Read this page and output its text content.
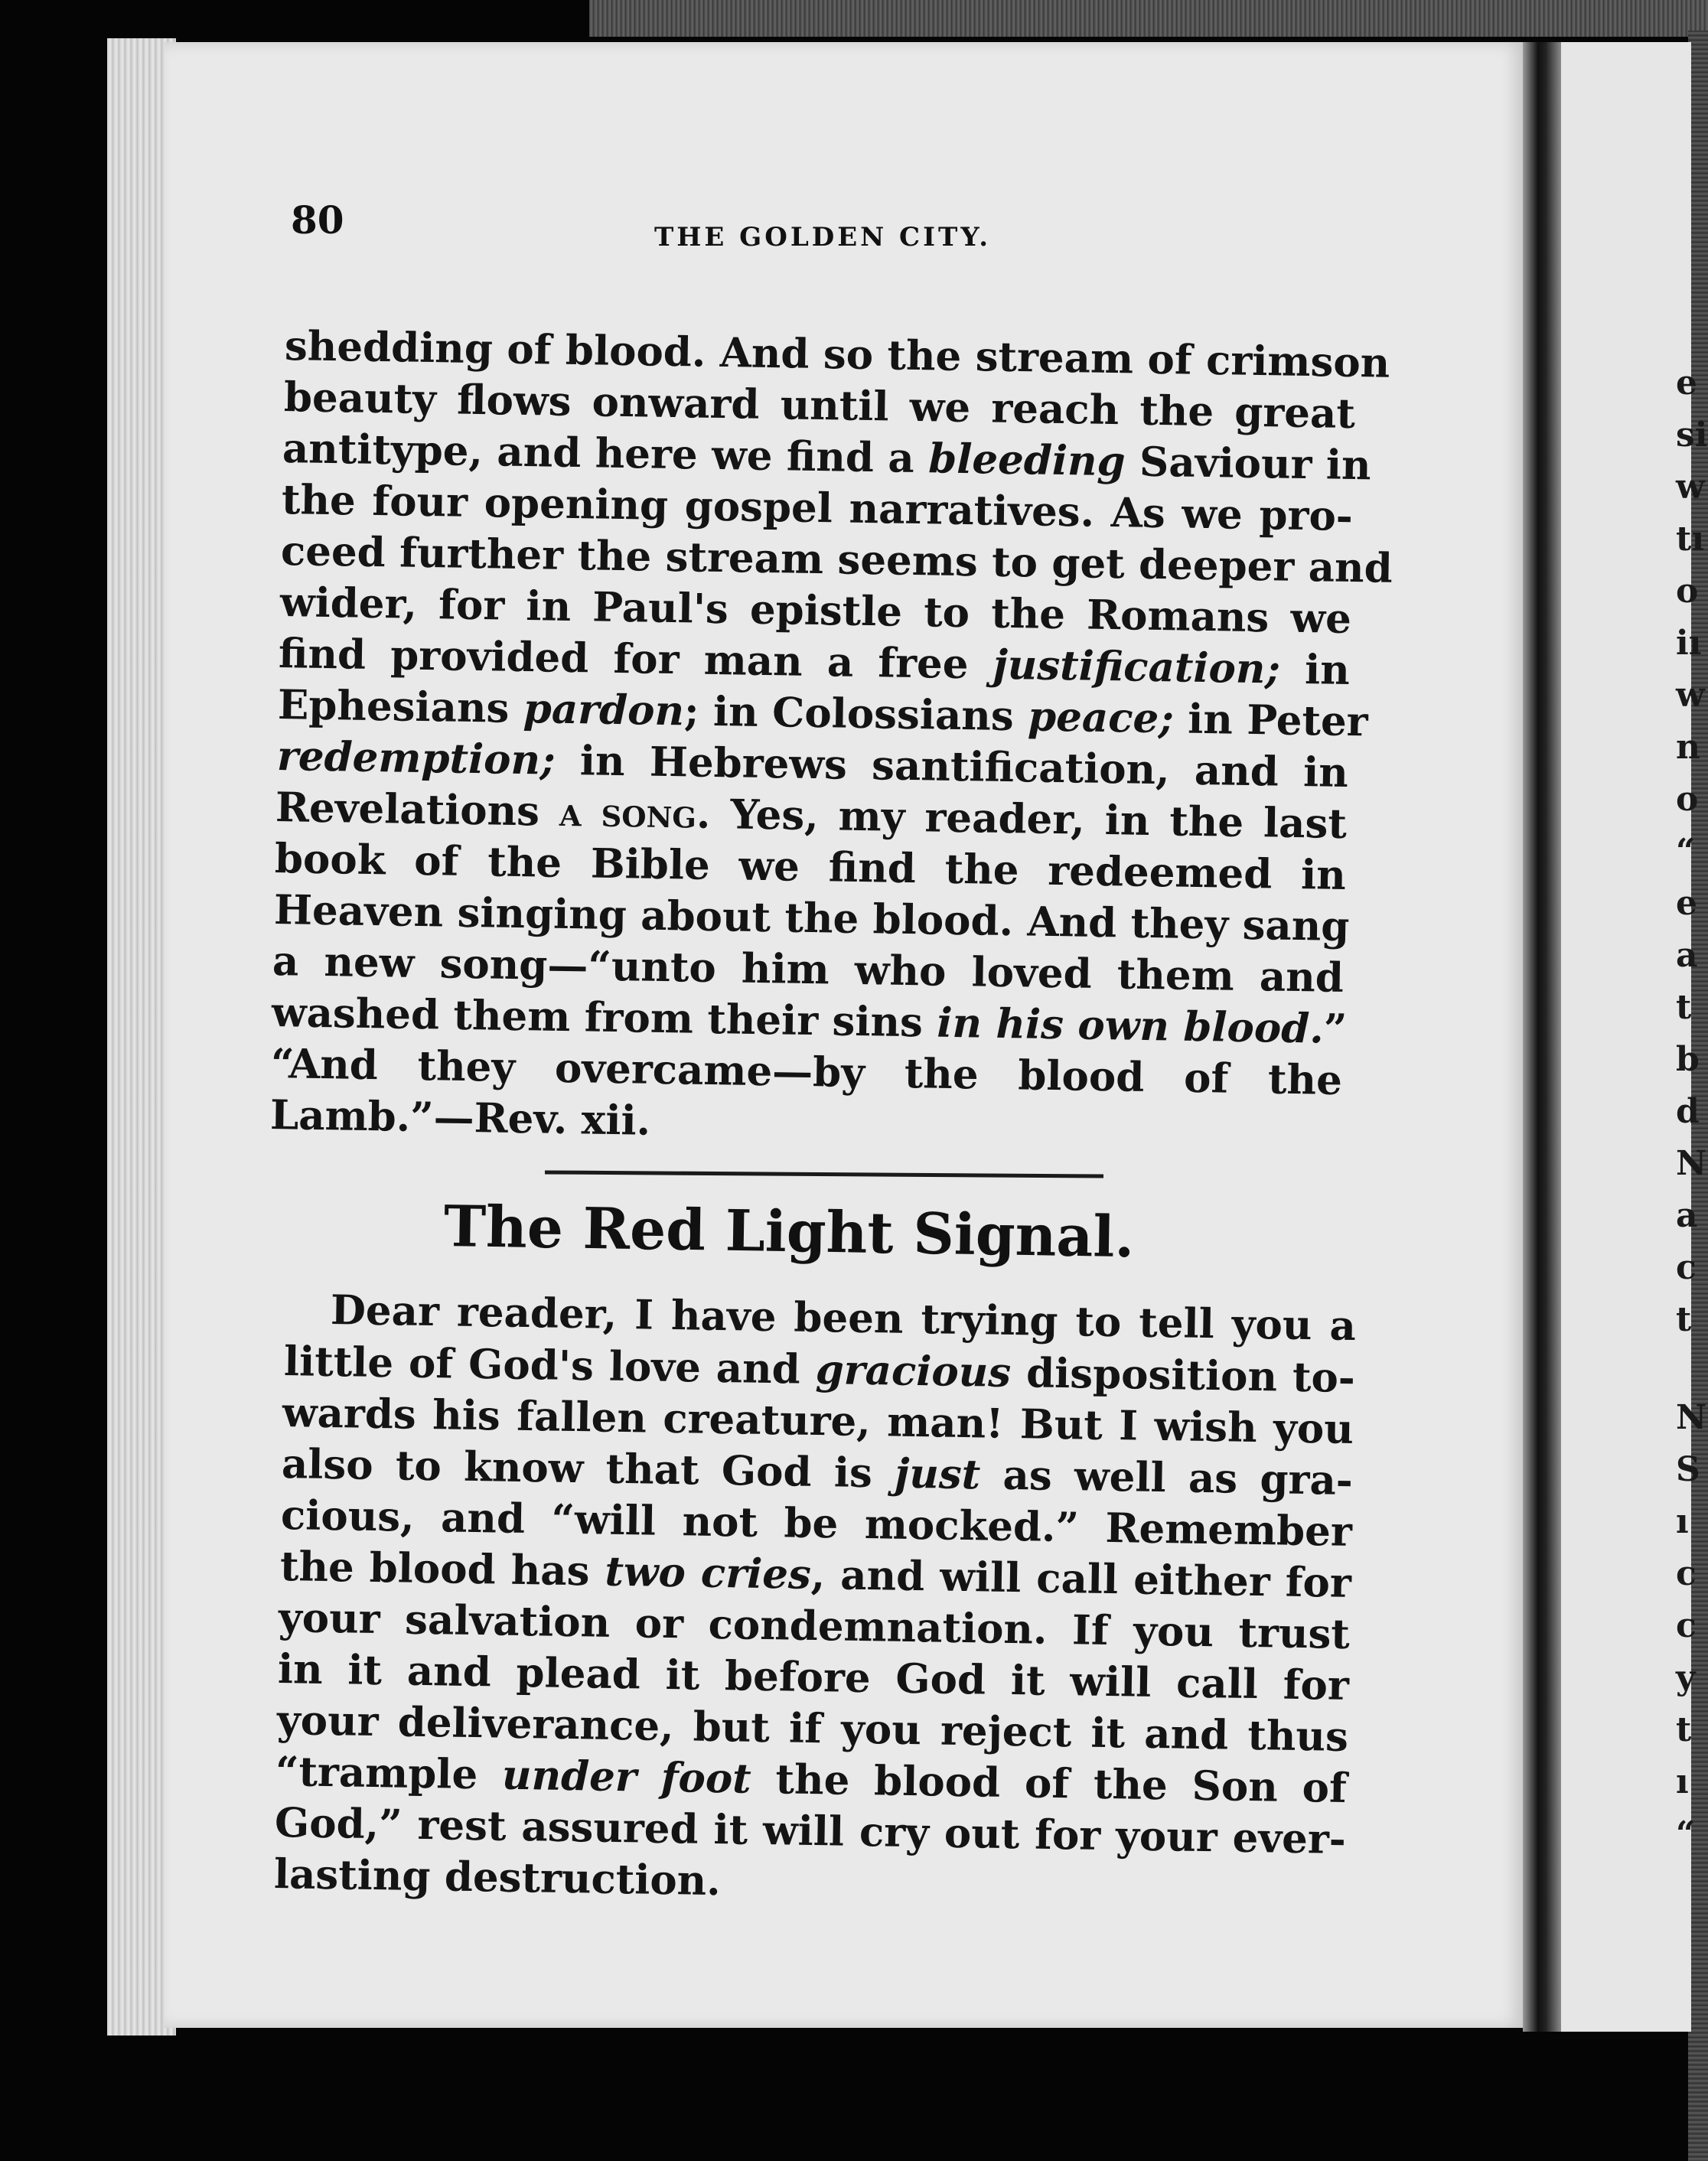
e
si
w
tı
o
iı
w
n
o
“
e
a
t
b
d
N
a
c
t
N
S
ı
c
c
y
t
ı
“
80	THE GOLDEN CITY.
shedding of blood. And so the stream of crimson
beauty flows onward until we reach the great
antitype, and here we find a bleeding Saviour in
the four opening gospel narratives. As we pro-
ceed further the stream seems to get deeper and
wider, for in Paul's epistle to the Romans we
find provided for man a free justification; in
Ephesians pardon; in Colossians peace; in Peter
redemption; in Hebrews santification, and in
Revelations a song. Yes, my reader, in the last
book of the Bible we find the redeemed in
Heaven singing about the blood. And they sang
a new song—“unto him who loved them and
washed them from their sins in his own blood.”
“And they overcame—by the blood of the
Lamb.”—Rev. xii.
The Red Light Signal.
Dear reader, I have been trying to tell you a
little of God's love and gracious disposition to-
wards his fallen creature, man! But I wish you
also to know that God is just as well as gra-
cious, and “will not be mocked.” Remember
the blood has two cries, and will call either for
your salvation or condemnation. If you trust
in it and plead it before God it will call for
your deliverance, but if you reject it and thus
“trample under foot the blood of the Son of
God,” rest assured it will cry out for your ever-
lasting destruction.
